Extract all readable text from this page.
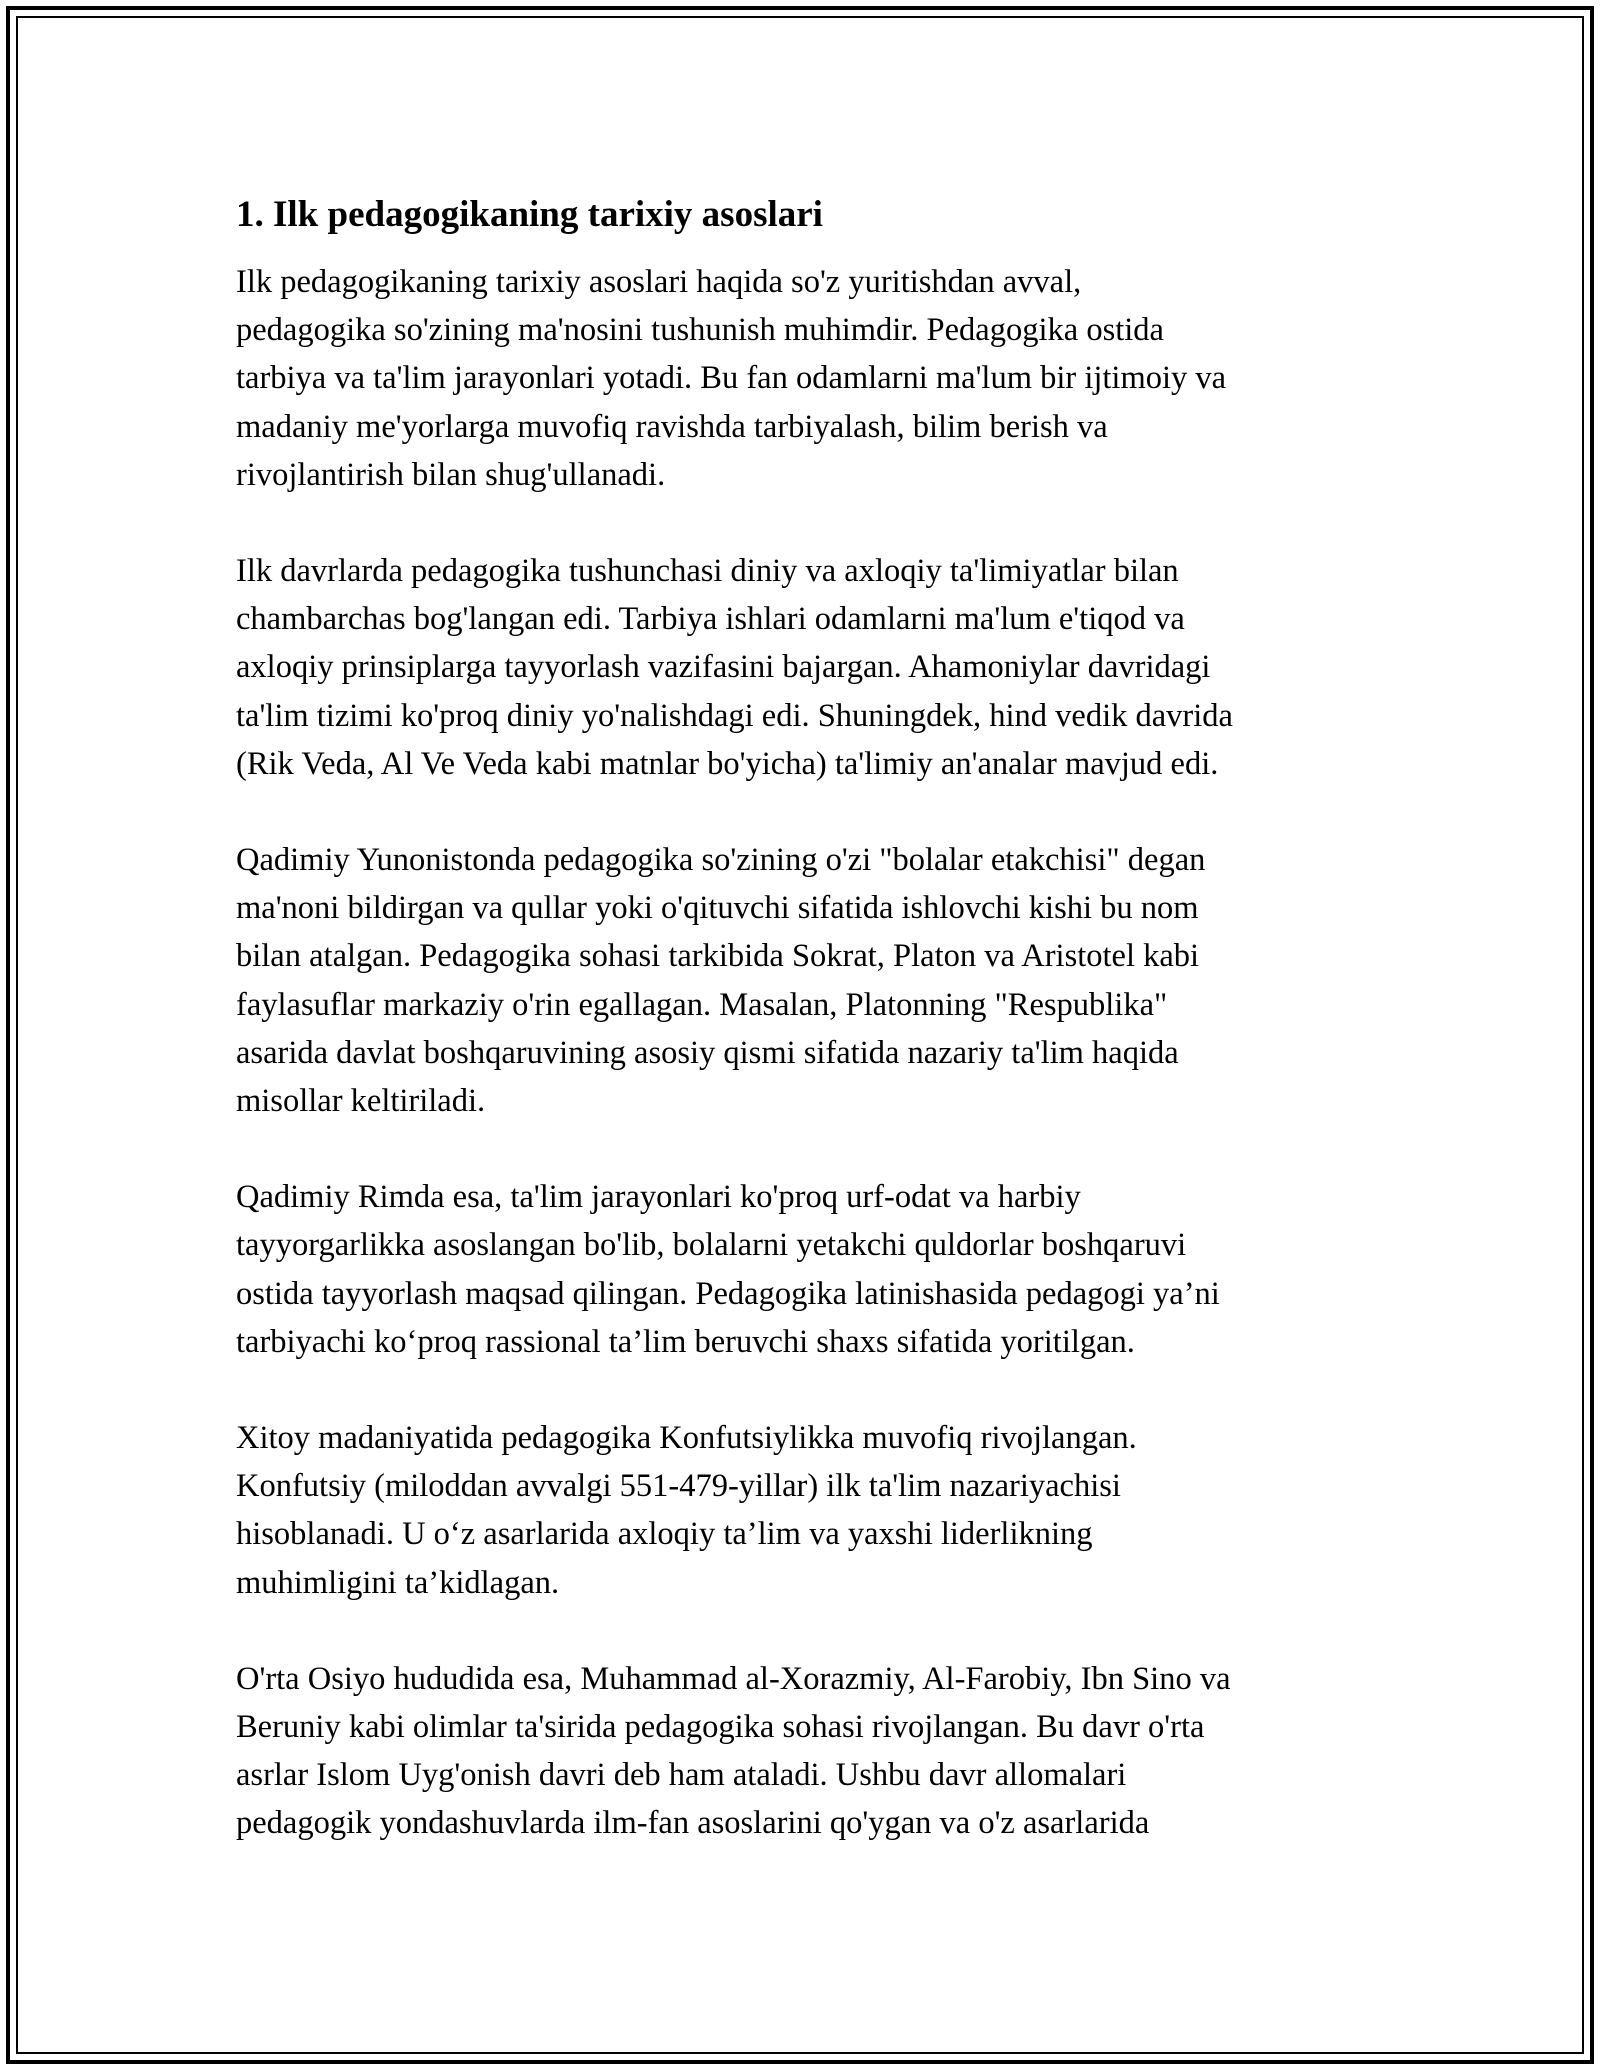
1. Ilk pedagogikaning tarixiy asoslari

Ilk pedagogikaning tarixiy asoslari haqida so'z yuritishdan avval,
pedagogika so'zining ma'nosini tushunish muhimdir. Pedagogika ostida
tarbiya va ta'lim jarayonlari yotadi. Bu fan odamlarni ma'lum bir ijtimoiy va
madaniy me'yorlarga muvofiq ravishda tarbiyalash, bilim berish va
rivojlantirish bilan shug'ullanadi.

Ilk davrlarda pedagogika tushunchasi diniy va axloqiy ta'limiyatlar bilan
chambarchas bog'langan edi. Tarbiya ishlari odamlarni ma'lum e'tiqod va
axloqiy prinsiplarga tayyorlash vazifasini bajargan. Ahamoniylar davridagi
ta'lim tizimi ko'proq diniy yo'nalishdagi edi. Shuningdek, hind vedik davrida
(Rik Veda, Al Ve Veda kabi matnlar bo'yicha) ta'limiy an'analar mavjud edi.

Qadimiy Yunonistonda pedagogika so'zining o'zi "bolalar etakchisi" degan
ma'noni bildirgan va qullar yoki o'qituvchi sifatida ishlovchi kishi bu nom
bilan atalgan. Pedagogika sohasi tarkibida Sokrat, Platon va Aristotel kabi
faylasuflar markaziy o'rin egallagan. Masalan, Platonning "Respublika"
asarida davlat boshqaruvining asosiy qismi sifatida nazariy ta'lim haqida
misollar keltiriladi.

Qadimiy Rimda esa, ta'lim jarayonlari ko'proq urf-odat va harbiy
tayyorgarlikka asoslangan bo'lib, bolalarni yetakchi quldorlar boshqaruvi
ostida tayyorlash maqsad qilingan. Pedagogika latinishasida pedagogi ya’ni
tarbiyachi ko‘proq rassional ta’lim beruvchi shaxs sifatida yoritilgan.

Xitoy madaniyatida pedagogika Konfutsiylikka muvofiq rivojlangan.
Konfutsiy (miloddan avvalgi 551-479-yillar) ilk ta'lim nazariyachisi
hisoblanadi. U o‘z asarlarida axloqiy ta’lim va yaxshi liderlikning
muhimligini ta’kidlagan.

O'rta Osiyo hududida esa, Muhammad al-Xorazmiy, Al-Farobiy, Ibn Sino va
Beruniy kabi olimlar ta'sirida pedagogika sohasi rivojlangan. Bu davr o'rta
asrlar Islom Uyg'onish davri deb ham ataladi. Ushbu davr allomalari
pedagogik yondashuvlarda ilm-fan asoslarini qo'ygan va o'z asarlarida
